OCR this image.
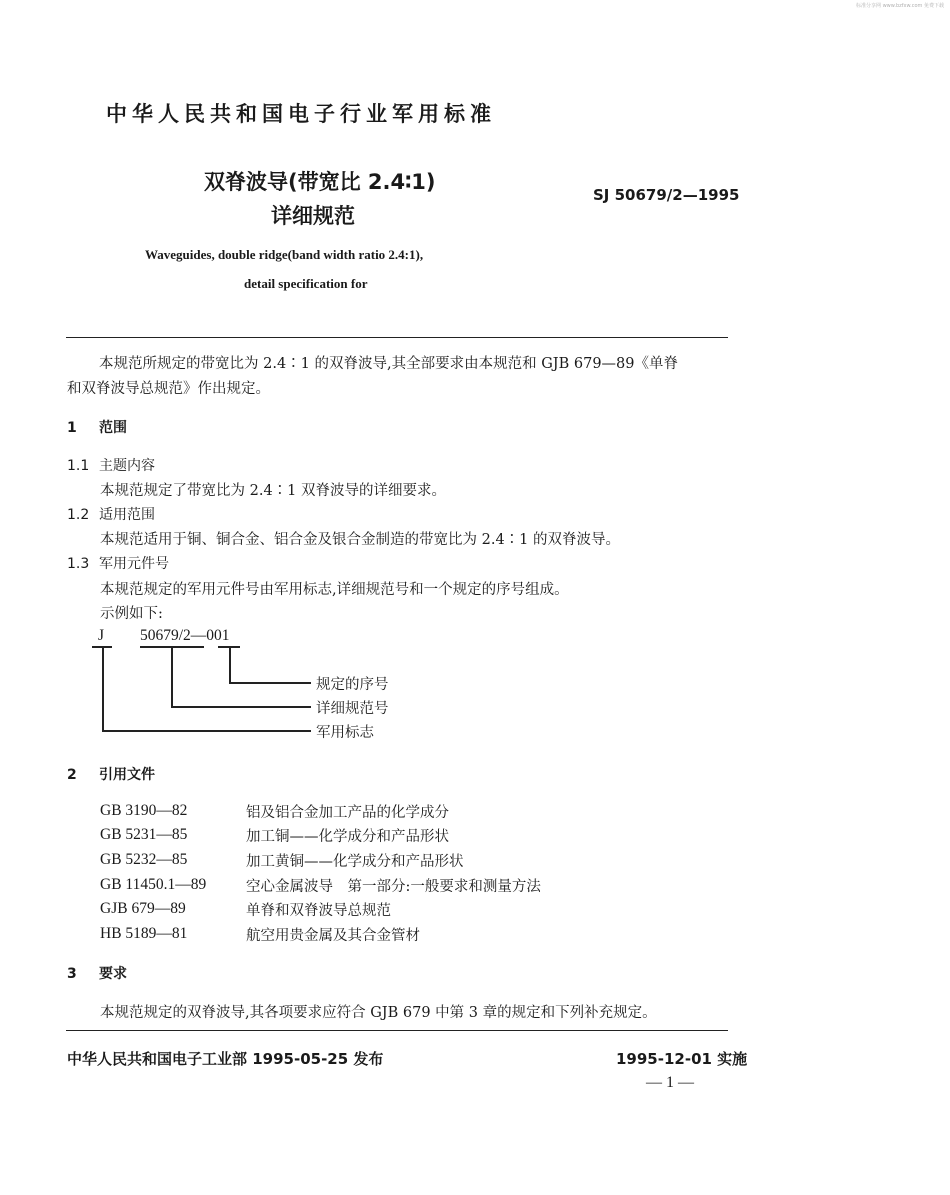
标准分享网 www.bzfxw.com 免费下载
中华人民共和国电子行业军用标准
双脊波导(带宽比 2.4∶1)
详细规范
SJ 50679/2—1995
Waveguides, double ridge(band width ratio 2.4:1),
detail specification for
本规范所规定的带宽比为 2.4∶1 的双脊波导,其全部要求由本规范和 GJB 679—89《单脊
和双脊波导总规范》作出规定。
1 范围
1.1 主题内容
本规范规定了带宽比为 2.4∶1 双脊波导的详细要求。
1.2 适用范围
本规范适用于铜、铜合金、铝合金及银合金制造的带宽比为 2.4∶1 的双脊波导。
1.3 军用元件号
本规范规定的军用元件号由军用标志,详细规范号和一个规定的序号组成。
示例如下:
J 50679/2—001
规定的序号
详细规范号
军用标志
2 引用文件
GB 3190—82	铝及铝合金加工产品的化学成分
GB 5231—85	加工铜——化学成分和产品形状
GB 5232—85	加工黄铜——化学成分和产品形状
GB 11450.1—89	空心金属波导　第一部分:一般要求和测量方法
GJB 679—89	单脊和双脊波导总规范
HB 5189—81	航空用贵金属及其合金管材
3 要求
本规范规定的双脊波导,其各项要求应符合 GJB 679 中第 3 章的规定和下列补充规定。
中华人民共和国电子工业部 1995-05-25 发布	1995-12-01 实施
— 1 —
